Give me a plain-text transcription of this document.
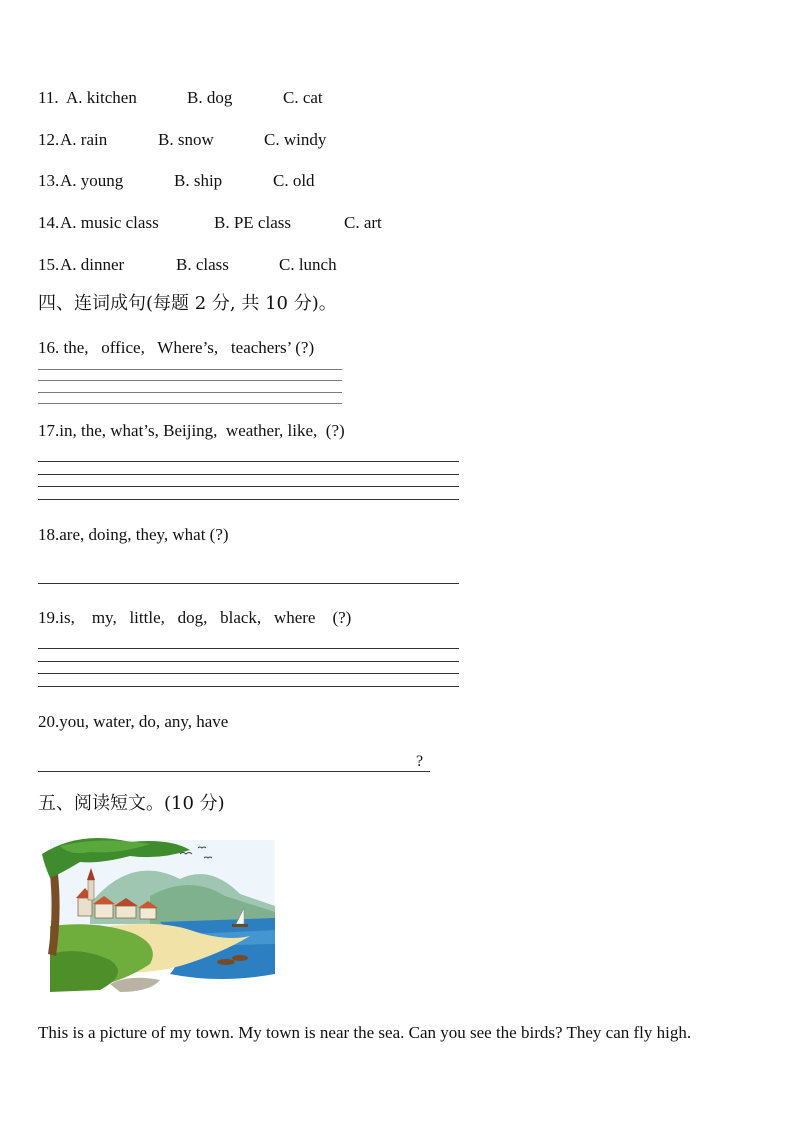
11. A. kitchen	B. dog	C. cat
12. A. rain	B. snow	C. windy
13. A. young	B. ship	C. old
14. A. music class	B. PE class	C. art
15. A. dinner	B. class	C. lunch
四、连词成句(每题 2 分, 共 10 分)。
16. the,   office,   Where’s,   teachers’ (?)
17.in, the, what’s, Beijing,  weather, like,  (?)
18.are, doing, they, what (?)
19.is,    my,   little,   dog,   black,   where    (?)
20.you, water, do, any, have
?
五、阅读短文。(10 分)
This is a picture of my town. My town is near the sea. Can you see the birds? They can fly high.
